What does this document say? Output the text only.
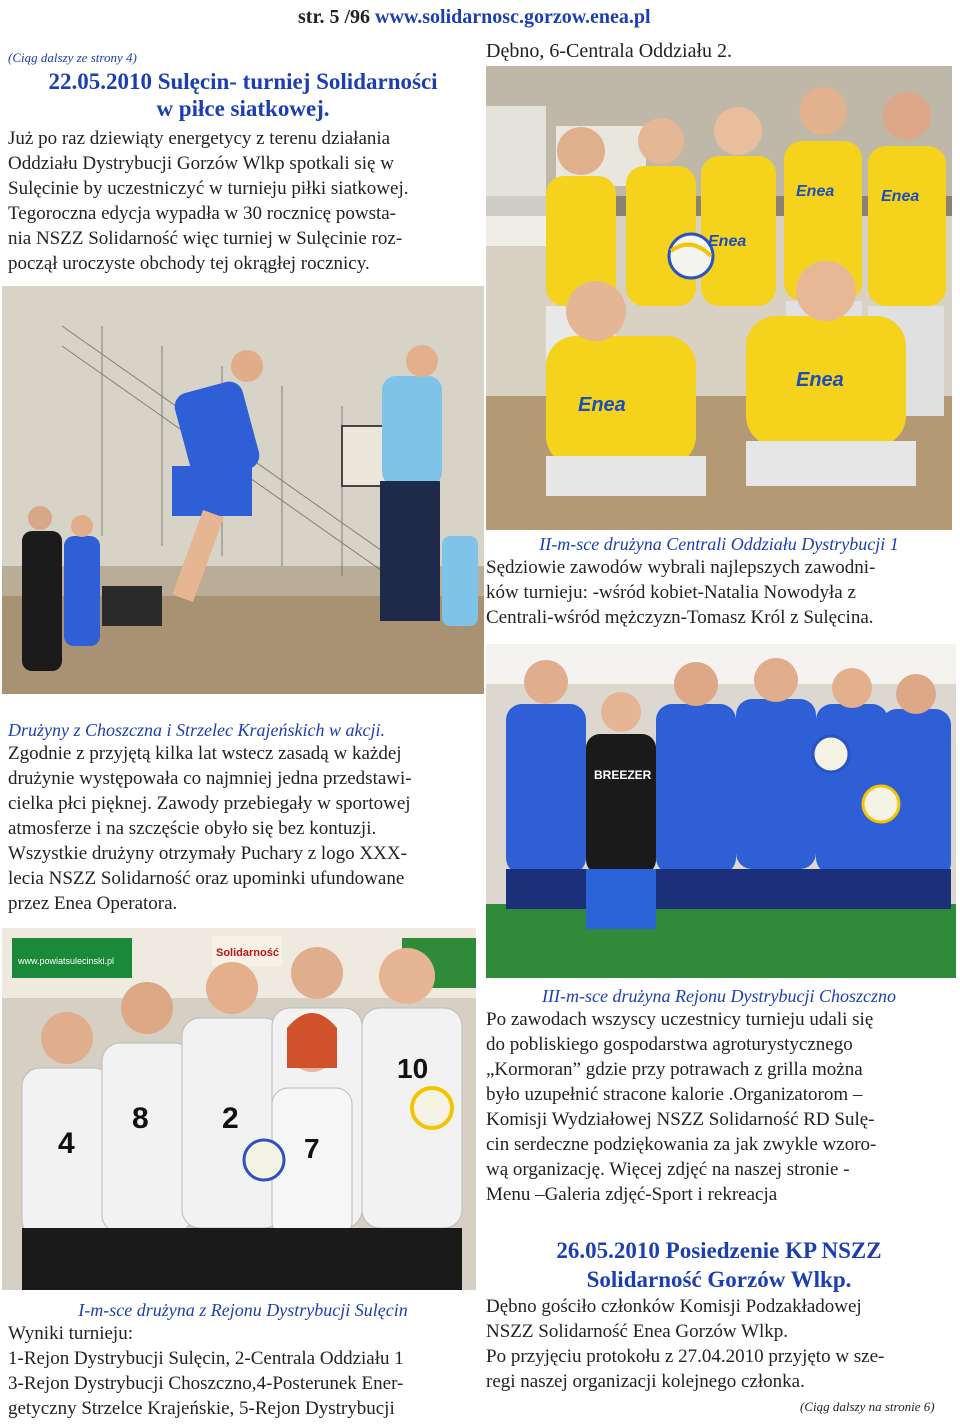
str. 5 /96 www.solidarnosc.gorzow.enea.pl
(Ciąg dalszy ze strony 4)
22.05.2010 Sulęcin- turniej Solidarności
w piłce siatkowej.
Już po raz dziewiąty energetycy z terenu działania
Oddziału Dystrybucji Gorzów Wlkp spotkali się w
Sulęcinie by uczestniczyć w turnieju piłki siatkowej.
Tegoroczna edycja wypadła w 30 rocznicę powsta-
nia NSZZ Solidarność więc turniej w Sulęcinie roz-
począł uroczyste obchody tej okrągłej rocznicy.
Dębno, 6-Centrala Oddziału 2.
Enea
Enea
Enea
Enea	Enea
II-m-sce drużyna Centrali Oddziału Dystrybucji 1
Sędziowie zawodów wybrali najlepszych zawodni-
ków turnieju: -wśród kobiet-Natalia Nowodyła z
Centrali-wśród mężczyzn-Tomasz Król z Sulęcina.
BREEZER
Drużyny z Choszczna i Strzelec Krajeńskich w akcji.
Zgodnie z przyjętą kilka lat wstecz zasadą w każdej
drużynie występowała co najmniej jedna przedstawi-
cielka płci pięknej. Zawody przebiegały w sportowej
atmosferze i na szczęście obyło się bez kontuzji.
Wszystkie drużyny otrzymały Puchary z logo XXX-
lecia NSZZ Solidarność oraz upominki ufundowane
przez Enea Operatora.
www.powiatsulecinski.pl
Solidarność
4
8 2
7
10
III-m-sce drużyna Rejonu Dystrybucji Choszczno
Po zawodach wszyscy uczestnicy turnieju udali się
do pobliskiego gospodarstwa agroturystycznego
„Kormoran” gdzie przy potrawach z grilla można
było uzupełnić stracone kalorie .Organizatorom –
Komisji Wydziałowej NSZZ Solidarność RD Sulę-
cin serdeczne podziękowania za jak zwykle wzoro-
wą organizację. Więcej zdjęć na naszej stronie -
Menu –Galeria zdjęć-Sport i rekreacja
26.05.2010 Posiedzenie KP NSZZ
Solidarność Gorzów Wlkp.
Dębno gościło członków Komisji Podzakładowej
NSZZ Solidarność Enea Gorzów Wlkp.
Po przyjęciu protokołu z 27.04.2010 przyjęto w sze-
regi naszej organizacji kolejnego członka.
I-m-sce drużyna z Rejonu Dystrybucji Sulęcin
Wyniki turnieju:
1-Rejon Dystrybucji Sulęcin, 2-Centrala Oddziału 1
3-Rejon Dystrybucji Choszczno,4-Posterunek Ener-
getyczny Strzelce Krajeńskie, 5-Rejon Dystrybucji	(Ciąg dalszy na stronie 6)
